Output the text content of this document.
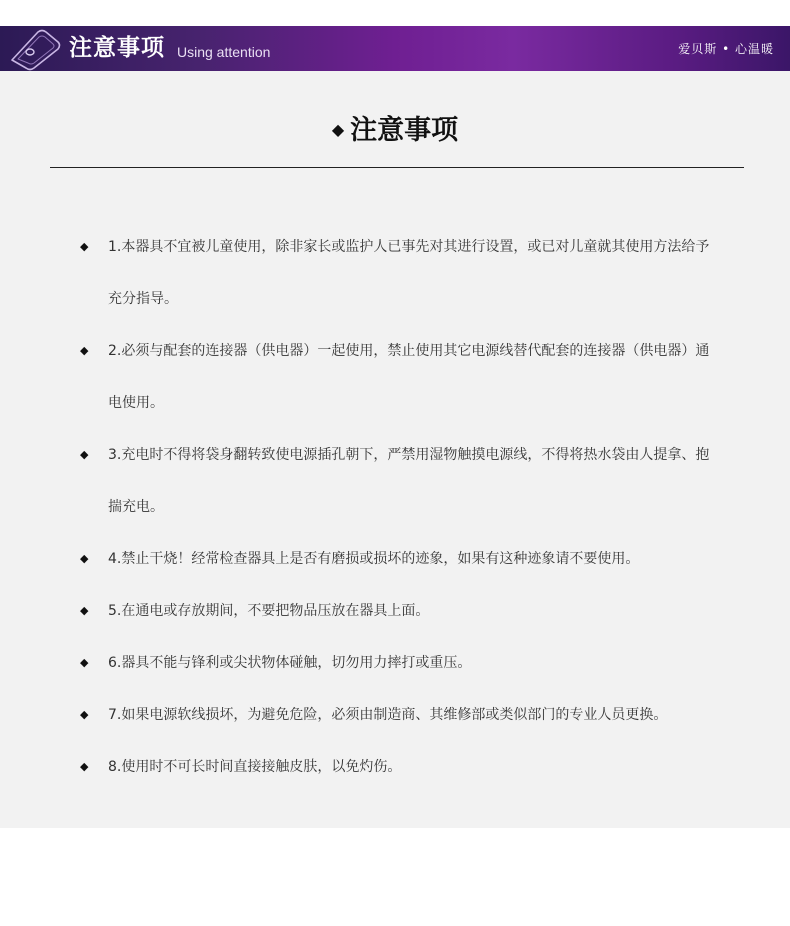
注意事项 Using attention	爱贝斯 • 心温暖
◆ 注意事项
◆ 1.本器具不宜被儿童使用，除非家长或监护人已事先对其进行设置，或已对儿童就其使用方法给予充分指导。
◆ 2.必须与配套的连接器（供电器）一起使用，禁止使用其它电源线替代配套的连接器（供电器）通电使用。
◆ 3.充电时不得将袋身翻转致使电源插孔朝下，严禁用湿物触摸电源线，不得将热水袋由人提拿、抱揣充电。
◆ 4.禁止干烧！经常检查器具上是否有磨损或损坏的迹象，如果有这种迹象请不要使用。
◆ 5.在通电或存放期间，不要把物品压放在器具上面。
◆ 6.器具不能与锋利或尖状物体碰触，切勿用力摔打或重压。
◆ 7.如果电源软线损坏，为避免危险，必须由制造商、其维修部或类似部门的专业人员更换。
◆ 8.使用时不可长时间直接接触皮肤，以免灼伤。
